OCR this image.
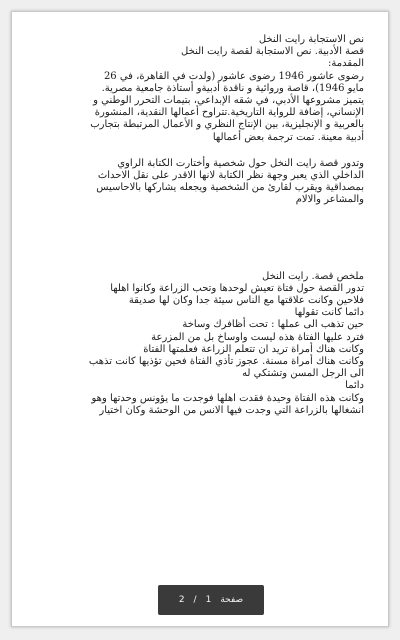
نص الاستجابة رايت النخل

قصة الأدبية. نص الاستجابة لقصة رايت النخل

المقدمة:

رضوى عاشور 1946 رضوى عاشور (ولدت في القاهرة، في 26

مايو 1946)، قاصة وروائية و ناقدة أدبيةو أستاذة جامعية مصرية.

يتميز مشروعها الأدبي، في شقه الإبداعي، بتيمات التحرر الوطني و

الإنساني، إضافة للرواية التاريخية.تتراوح أعمالها النقدية، المنشورة

بالعربية و الإنجليزية، بين الإنتاج النظري و الأعمال المرتبطة بتجارب

أدبية معينة. تمت ترجمة بعض أعمالها

وتدور قصة رايت النخل حول شخصية وأختارت الكتابة الراوي

الداخلي الذي يعبر وجهة نظر الكتابة لانها الاقدر على نقل الاحداث

بمصداقية ويقرب لقارئ من الشخصية ويجعله يشاركها بالاحاسيس

والمشاعر والالام

ملخص قصة. رايت النخل

تدور القصة حول فتاة تعيش لوحدها وتحب الزراعة وكانوا اهلها

فلاحين وكانت علاقتها مع الناس سيئة جدا وكان لها صديقة

دائما كانت تقولها

حين تذهب الى عملها : تحت أظافرك وساخة

فترد عليها الفتاة هذه ليست واوساخ بل من المزرعة

وكانت هناك أمراة تريد ان تتعلم الزراعة فعلمتها الفتاة

وكانت هناك أمراة مسنة. عجوز تأذي الفتاة فحين تؤذيها كانت تذهب

الى الرجل المسن وتشتكي له

دائما

وكانت هذه الفتاة وحيدة فقدت اهلها فوجدت ما يؤونس وحدتها وهو

انشغالها بالزراعة التي وجدت فيها الانس من الوحشة وكان اختيار

2 / 1 صفحة
